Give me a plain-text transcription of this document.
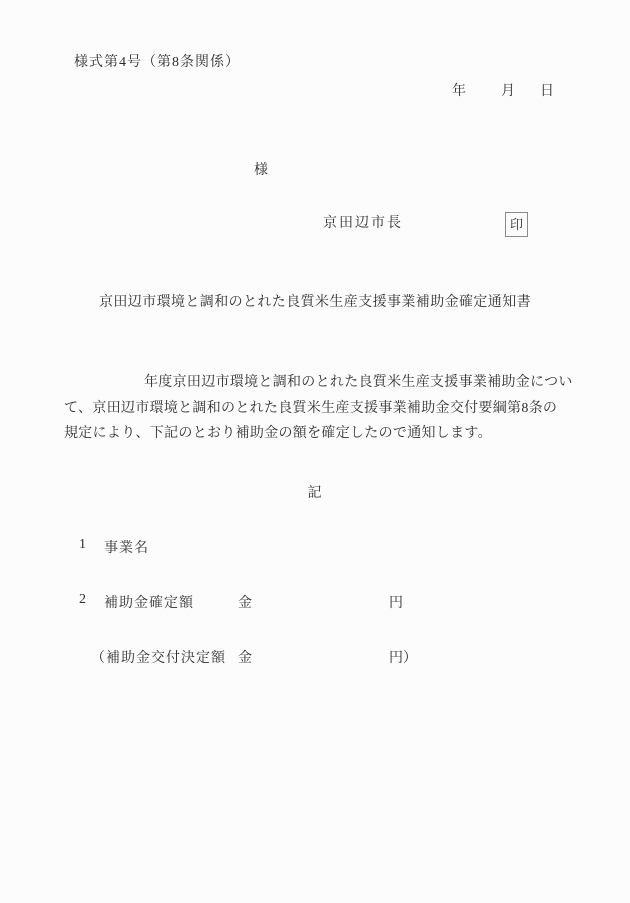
様式第4号（第8条関係）
年	月 日
様
京田辺市長	印
京田辺市環境と調和のとれた良質米生産支援事業補助金確定通知書
年度京田辺市環境と調和のとれた良質米生産支援事業補助金につい
て、京田辺市環境と調和のとれた良質米生産支援事業補助金交付要綱第8条の
規定により、下記のとおり補助金の額を確定したので通知します。
記
1 事業名
2 補助金確定額	金	円
（補助金交付決定額 金	円）
